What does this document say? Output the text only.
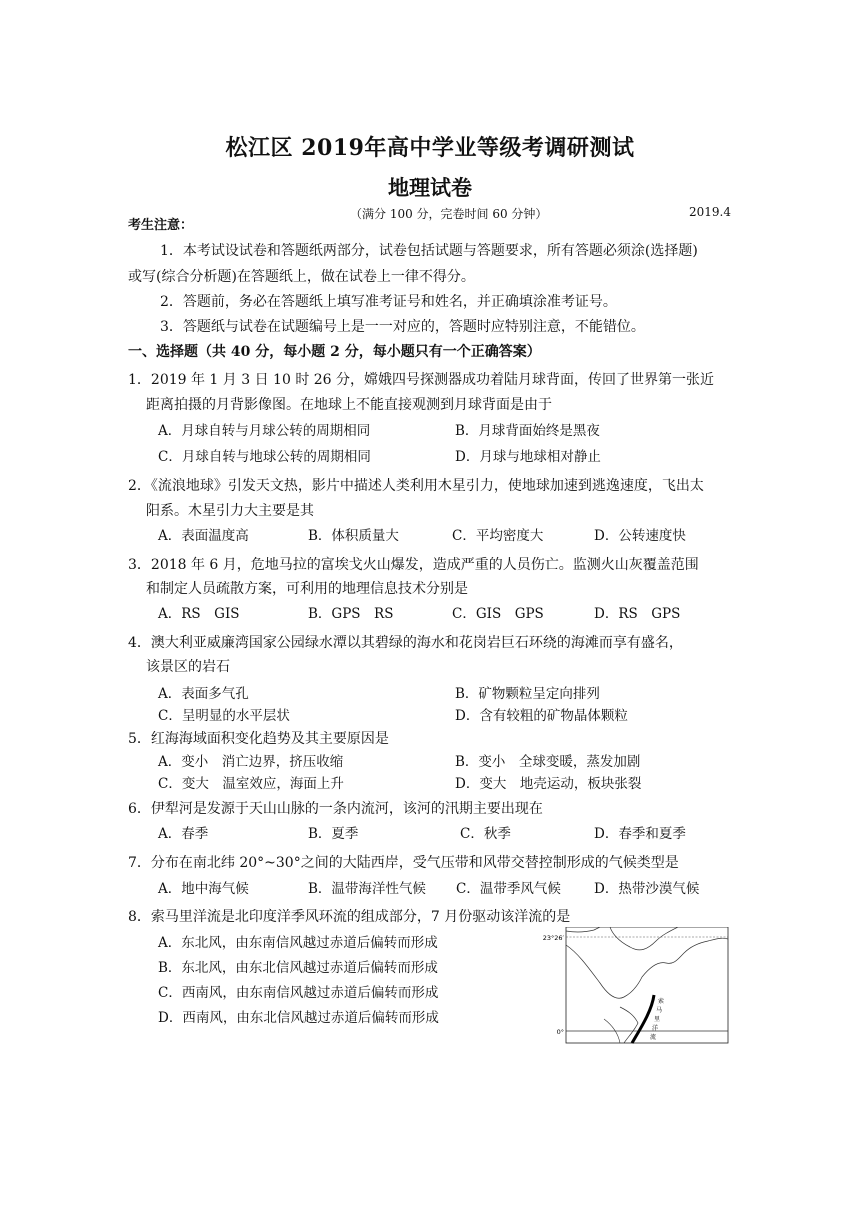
松江区 2019年高中学业等级考调研测试
地理试卷
（满分 100 分，完卷时间 60 分钟）	2019.4
考生注意：
1．本考试设试卷和答题纸两部分，试卷包括试题与答题要求，所有答题必须涂(选择题)
或写(综合分析题)在答题纸上，做在试卷上一律不得分。
2．答题前，务必在答题纸上填写准考证号和姓名，并正确填涂准考证号。
3．答题纸与试卷在试题编号上是一一对应的，答题时应特别注意，不能错位。
一、选择题（共 40 分，每小题 2 分，每小题只有一个正确答案）
1．2019 年 1 月 3 日 10 时 26 分，嫦娥四号探测器成功着陆月球背面，传回了世界第一张近
距离拍摄的月背影像图。在地球上不能直接观测到月球背面是由于
A．月球自转与月球公转的周期相同	B．月球背面始终是黑夜
C．月球自转与地球公转的周期相同	D．月球与地球相对静止
2．《流浪地球》引发天文热，影片中描述人类利用木星引力，使地球加速到逃逸速度，飞出太
阳系。木星引力大主要是其
A．表面温度高	B．体积质量大	C．平均密度大	D．公转速度快
3．2018 年 6 月，危地马拉的富埃戈火山爆发，造成严重的人员伤亡。监测火山灰覆盖范围
和制定人员疏散方案，可利用的地理信息技术分别是
A．RS　GIS	B．GPS　RS	C．GIS　GPS	D．RS　GPS
4．澳大利亚威廉湾国家公园绿水潭以其碧绿的海水和花岗岩巨石环绕的海滩而享有盛名，
该景区的岩石
A．表面多气孔	B．矿物颗粒呈定向排列
C．呈明显的水平层状	D．含有较粗的矿物晶体颗粒
5．红海海域面积变化趋势及其主要原因是
A．变小　消亡边界，挤压收缩	B．变小　全球变暖，蒸发加剧
C．变大　温室效应，海面上升	D．变大　地壳运动，板块张裂
6．伊犁河是发源于天山山脉的一条内流河，该河的汛期主要出现在
A．春季	B．夏季	C．秋季	D．春季和夏季
7．分布在南北纬 20°~30°之间的大陆西岸，受气压带和风带交替控制形成的气候类型是
A．地中海气候	B．温带海洋性气候 C．温带季风气候 D．热带沙漠气候
8．索马里洋流是北印度洋季风环流的组成部分，7 月份驱动该洋流的是
A．东北风，由东南信风越过赤道后偏转而形成
B．东北风，由东北信风越过赤道后偏转而形成
C．西南风，由东南信风越过赤道后偏转而形成
D．西南风，由东北信风越过赤道后偏转而形成
23°26′
0°
索
马
里
洋
流
